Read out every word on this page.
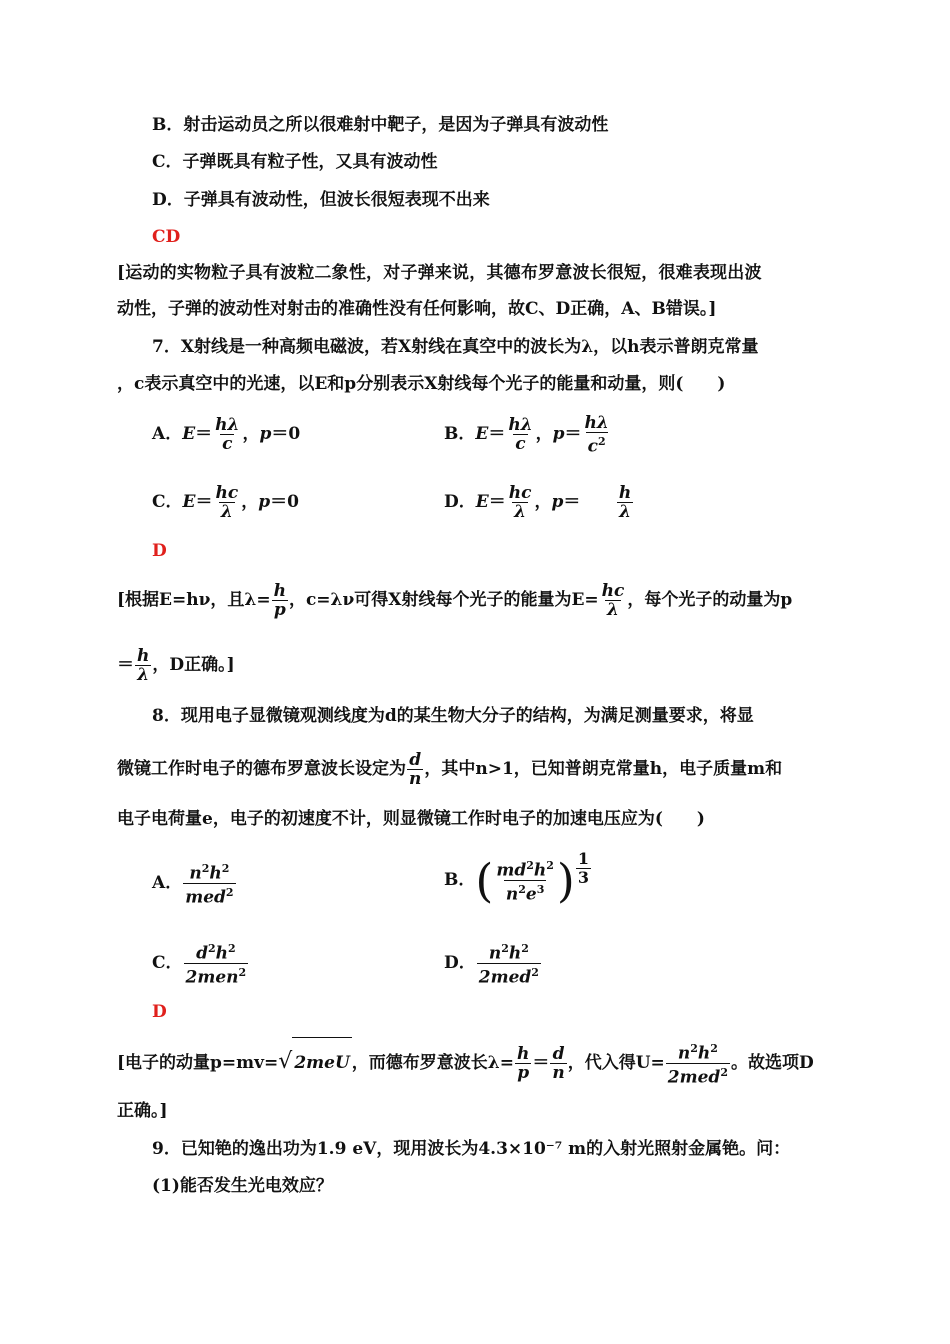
B．射击运动员之所以很难射中靶子，是因为子弹具有波动性
C．子弹既具有粒子性，又具有波动性
D．子弹具有波动性，但波长很短表现不出来
CD
[运动的实物粒子具有波粒二象性，对子弹来说，其德布罗意波长很短，很难表现出波
动性，子弹的波动性对射击的准确性没有任何影响，故C、D正确，A、B错误。]
7．X射线是一种高频电磁波，若X射线在真空中的波长为λ，以h表示普朗克常量
，c表示真空中的光速，以E和p分别表示X射线每个光子的能量和动量，则(　　)
A．$E= \frac{h\lambda}{c}$ ，p＝0	B．$E= \frac{h\lambda}{c}$ ，$p= \frac{h\lambda}{c^2}$
C．$E= \frac{hc}{\lambda}$ ，p＝0	D．$E= \frac{hc}{\lambda}$ ，$p= \frac{h}{\lambda}$
D
[根据E=hν，且$\lambda= \frac{h}{p}$ ，c=λν可得X射线每个光子的能量为$E= \frac{hc}{\lambda}$ ，每个光子的动量为p
＝ $\frac{h}{\lambda}$ ，D正确。]
8．现用电子显微镜观测线度为d的某生物大分子的结构，为满足测量要求，将显
微镜工作时电子的德布罗意波长设定为 $\frac{d}{n}$ ，其中n>1，已知普朗克常量h，电子质量m和
电子电荷量e，电子的初速度不计，则显微镜工作时电子的加速电压应为(　　)
A． $\frac{n^2h^2}{med^2}$	B．( $\frac{md^2h^2}{n^2e^3}$ ) $\frac{1}{3}$
C． $\frac{d^2h^2}{2men^2}$	D． $\frac{n^2h^2}{2med^2}$
D
[电子的动量p=mv=√ 2meU ，而德布罗意波长$\lambda= \frac{h}{p} = \frac{d}{n}$ ，代入得$U= \frac{n^2h^2}{2med^2}$ 。故选项D
正确。]
9．已知铯的逸出功为1.9 eV，现用波长为4.3×10⁻⁷ m的入射光照射金属铯。问：
(1)能否发生光电效应？
